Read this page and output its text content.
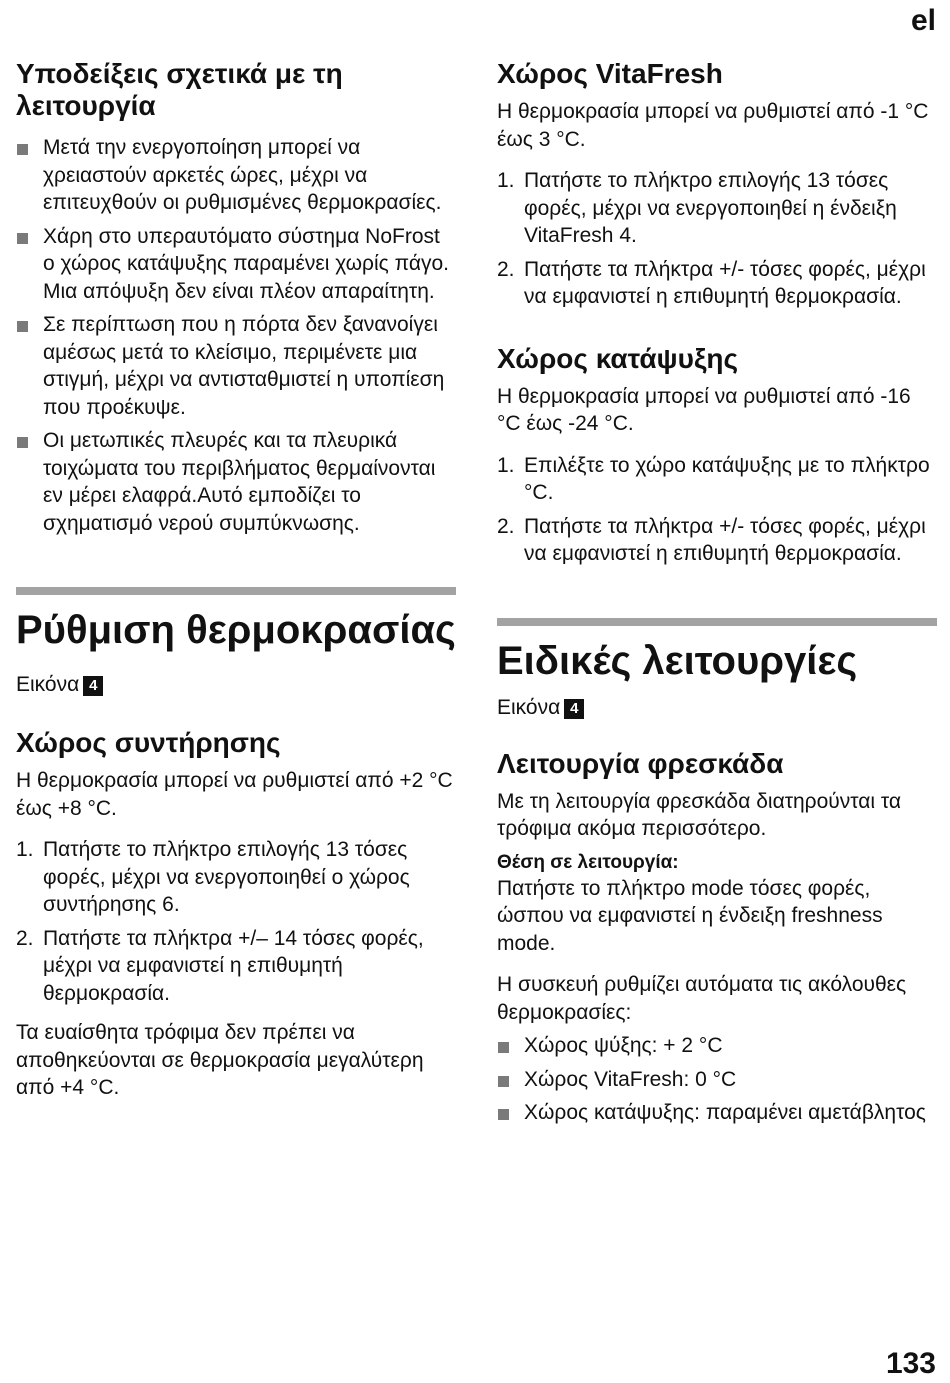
el
Υποδείξεις σχετικά με τη λειτουργία
Μετά την ενεργοποίηση μπορεί να χρειαστούν αρκετές ώρες, μέχρι να επιτευχθούν οι ρυθμισμένες θερμοκρασίες.
Χάρη στο υπεραυτόματο σύστημα NoFrost ο χώρος κατάψυξης παραμένει χωρίς πάγο. Μια απόψυξη δεν είναι πλέον απαραίτητη.
Σε περίπτωση που η πόρτα δεν ξανανοίγει αμέσως μετά το κλείσιμο, περιμένετε μια στιγμή, μέχρι να αντισταθμιστεί η υποπίεση που προέκυψε.
Οι μετωπικές πλευρές και τα πλευρικά τοιχώματα του περιβλήματος θερμαίνονται εν μέρει ελαφρά.Αυτό εμποδίζει το σχηματισμό νερού συμπύκνωσης.
Ρύθμιση θερμοκρασίας
Εικόνα 4
Χώρος συντήρησης

Η θερμοκρασία μπορεί να ρυθμιστεί από +2 °C έως +8 °C.

1. Πατήστε το πλήκτρο επιλογής 13 τόσες φορές, μέχρι να ενεργοποιηθεί ο χώρος συντήρησης 6.
2. Πατήστε τα πλήκτρα +/– 14 τόσες φορές, μέχρι να εμφανιστεί η επιθυμητή θερμοκρασία.

Τα ευαίσθητα τρόφιμα δεν πρέπει να αποθηκεύονται σε θερμοκρασία μεγαλύτερη από +4 °C.

Χώρος VitaFresh

Η θερμοκρασία μπορεί να ρυθμιστεί από -1 °C έως 3 °C.

1. Πατήστε το πλήκτρο επιλογής 13 τόσες φορές, μέχρι να ενεργοποιηθεί η ένδειξη VitaFresh 4.
2. Πατήστε τα πλήκτρα +/- τόσες φορές, μέχρι να εμφανιστεί η επιθυμητή θερμοκρασία.
Χώρος κατάψυξης

Η θερμοκρασία μπορεί να ρυθμιστεί από -16 °C έως -24 °C.

1. Επιλέξτε το χώρο κατάψυξης με το πλήκτρο °C.
2. Πατήστε τα πλήκτρα +/- τόσες φορές, μέχρι να εμφανιστεί η επιθυμητή θερμοκρασία.
Ειδικές λειτουργίες
Εικόνα 4
Λειτουργία φρεσκάδα

Με τη λειτουργία φρεσκάδα διατηρούνται τα τρόφιμα ακόμα περισσότερο.

Θέση σε λειτουργία:

Πατήστε το πλήκτρο mode τόσες φορές, ώσπου να εμφανιστεί η ένδειξη freshness mode.

Η συσκευή ρυθμίζει αυτόματα τις ακόλουθες θερμοκρασίες:

Χώρος ψύξης: + 2 °C
Χώρος VitaFresh: 0 °C
Χώρος κατάψυξης: παραμένει αμετάβλητος
133
